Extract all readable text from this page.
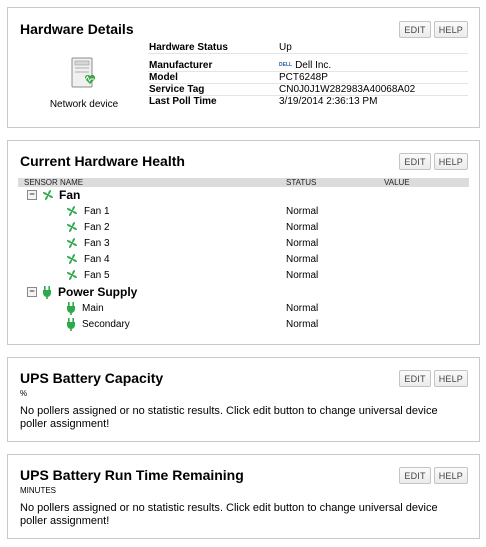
Hardware Details	EDIT	HELP
Network device
Hardware Status	Up
Manufacturer	$^{DELL}$ Dell Inc.
Model	PCT6248P
Service Tag	CN0J0J1W282983A40068A02
Last Poll Time	3/19/2014 2:36:13 PM
Current Hardware Health	EDIT	HELP
SENSOR NAME	STATUS	VALUE
− Fan
Fan 1	Normal
Fan 2	Normal
Fan 3	Normal
Fan 4	Normal
Fan 5	Normal
− Power Supply
Main	Normal
Secondary	Normal
UPS Battery Capacity	EDIT	HELP
%
No pollers assigned or no statistic results. Click edit button to change universal device poller assignment!
UPS Battery Run Time Remaining	EDIT	HELP
MINUTES
No pollers assigned or no statistic results. Click edit button to change universal device poller assignment!
